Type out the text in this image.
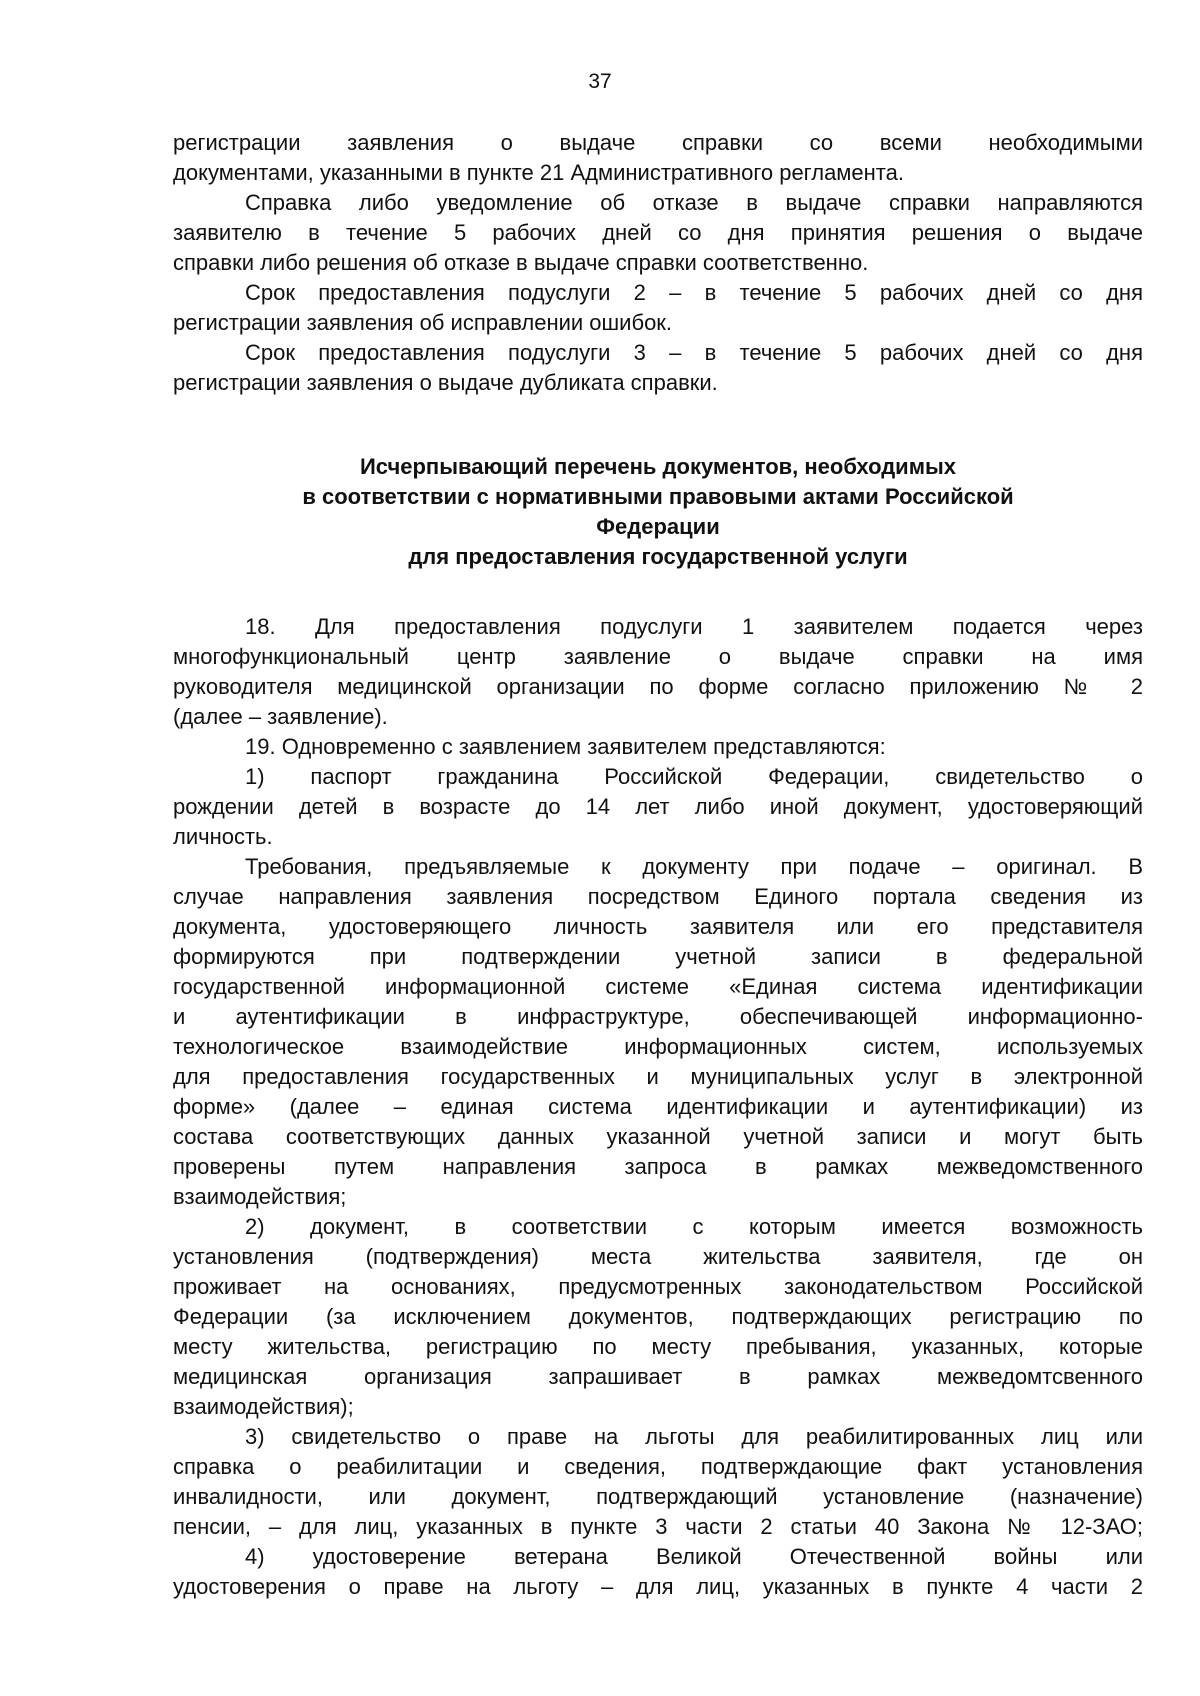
37
регистрации заявления о выдаче справки со всеми необходимыми
документами, указанными в пункте 21 Административного регламента.
Справка либо уведомление об отказе в выдаче справки направляются
заявителю в течение 5 рабочих дней со дня принятия решения о выдаче
справки либо решения об отказе в выдаче справки соответственно.
Срок предоставления подуслуги 2 – в течение 5 рабочих дней со дня
регистрации заявления об исправлении ошибок.
Срок предоставления подуслуги 3 – в течение 5 рабочих дней со дня
регистрации заявления о выдаче дубликата справки.
Исчерпывающий перечень документов, необходимых
в соответствии с нормативными правовыми актами Российской
Федерации
для предоставления государственной услуги
18. Для предоставления подуслуги 1 заявителем подается через
многофункциональный центр заявление о выдаче справки на имя
руководителя медицинской организации по форме согласно приложению № 2
(далее – заявление).
19. Одновременно с заявлением заявителем представляются:
1) паспорт гражданина Российской Федерации, свидетельство о
рождении детей в возрасте до 14 лет либо иной документ, удостоверяющий
личность.
Требования, предъявляемые к документу при подаче – оригинал. В
случае направления заявления посредством Единого портала сведения из
документа, удостоверяющего личность заявителя или его представителя
формируются при подтверждении учетной записи в федеральной
государственной информационной системе «Единая система идентификации
и аутентификации в инфраструктуре, обеспечивающей информационно-
технологическое взаимодействие информационных систем, используемых
для предоставления государственных и муниципальных услуг в электронной
форме» (далее – единая система идентификации и аутентификации) из
состава соответствующих данных указанной учетной записи и могут быть
проверены путем направления запроса в рамках межведомственного
взаимодействия;
2) документ, в соответствии с которым имеется возможность
установления (подтверждения) места жительства заявителя, где он
проживает на основаниях, предусмотренных законодательством Российской
Федерации (за исключением документов, подтверждающих регистрацию по
месту жительства, регистрацию по месту пребывания, указанных, которые
медицинская организация запрашивает в рамках межведомтсвенного
взаимодействия);
3) свидетельство о праве на льготы для реабилитированных лиц или
справка о реабилитации и сведения, подтверждающие факт установления
инвалидности, или документ, подтверждающий установление (назначение)
пенсии, – для лиц, указанных в пункте 3 части 2 статьи 40 Закона № 12-ЗАО;
4) удостоверение ветерана Великой Отечественной войны или
удостоверения о праве на льготу – для лиц, указанных в пункте 4 части 2
